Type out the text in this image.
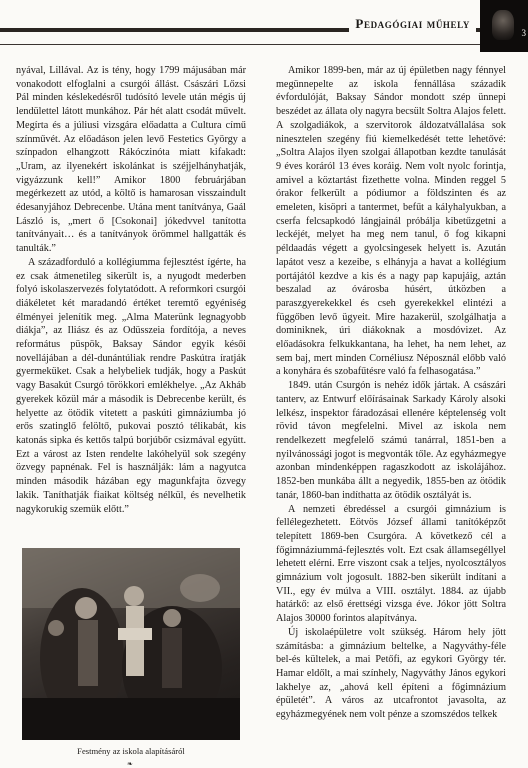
Pedagógiai műhely
3

nyával, Lillával. Az is tény, hogy 1799 májusában már vonakodott elfoglalni a csurgói állást. Császári Lőzsi Pál minden késlekedésről tudósító levele után mégis új lendülettel látott munkához. Pár hét alatt csodát művelt. Megírta és a júliusi vizsgára előadatta a Cultura című színművét. Az előadáson jelen levő Festetics György a színpadon elhangzott Rákóczinóta miatt kifakadt: „Uram, az ilyenekért iskolánkat is széjjelhányhatják, vigyázzunk kell!” Amikor 1800 februárjában megérkezett az utód, a költő is hamarosan visszaindult édesanyjához Debrecenbe. Utána ment tanítványa, Gaál László is, „mert ő [Csokonai] jókedvvel tanította tanítványait… és a tanítványok örömmel hallgatták és tanulták.”

A századforduló a kollégiumma fejlesztést ígérte, ha ez csak átmenetileg sikerült is, a nyugodt mederben folyó iskolaszervezés folytatódott. A reformkori csurgói diákéletet két maradandó értéket teremtő egyéniség élményei jelenítik meg. „Alma Materünk legnagyobb diákja”, az Iliász és az Odüsszeia fordítója, a neves református püspök, Baksay Sándor egyik késői novellájában a dél-dunántúliak rendre Paskútra íratják gyermeküket. Csak a helybeliek tudják, hogy a Paskút vagy Basakút Csurgó törökkori emlékhelye. „Az Akháb gyerekek közül már a második is Debrecenbe került, és helyette az ötödik vitetett a paskúti gimnáziumba jó erős szatinglő felöltő, pukovai posztó télikabát, kis katonás sipka és kettős talpú borjúbőr csizmával együtt. Ezt a várost az Isten rendelte lakóhelyül sok szegény özvegy papnénak. Fel is használják: lám a nagyutca minden második házában egy magunkfajta özvegy lakik. Taníthatják fiaikat költség nélkül, és nevelhetik nagykorukig szemük előtt.”

Festmény az iskola alapításáról
❧

Amikor 1899-ben, már az új épületben nagy fénnyel megünnepelte az iskola fennállása századik évfordulóját, Baksay Sándor mondott szép ünnepi beszédet az állata oly nagyra becsült Soltra Alajos felett. A szolgadiákok, a szervitorok áldozatvállalása sok ninesztelen szegény fiú kiemelkedését tette lehetővé: „Soltra Alajos ilyen szolgai állapotban kezdte tanulását 9 éves koráról 13 éves koráig. Nem volt nyolc forintja, amivel a köztartást fizethette volna. Minden reggel 5 órakor felkerült a pódiumor a földszinten és az emeleten, kisöpri a tantermet, befűt a kályhalyukban, a cserfa felcsapkodó lángjainál próbálja kibetűzgetni a leckéjét, melyet ha meg nem tanul, ő fog kikapni példaadás végett a gyolcsingesek helyett is. Azután lapátot vesz a kezeibe, s elhányja a havat a kollégium portájától kezdve a kis és a nagy pap kapujáig, aztán beszalad az óvárosba húsért, útközben a paraszgyerekekkel és cseh gyerekekkel elintézi a függőben levő ügyeit. Mire hazakerül, szolgálhatja a dominiknek, úri diákoknak a mosdóvizet. Az előadásokra felkukkantana, ha lehet, ha nem lehet, az sem baj, mert minden Cornéliusz Néposznál előbb való a konyhára és szobafűtésre való fa felhasogatása.”

1849. után Csurgón is nehéz idők jártak. A császári tanterv, az Entwurf előírásainak Sarkady Károly alsoki lelkész, inspektor fáradozásai ellenére képtelenség volt rövid távon megfelelni. Mivel az iskola nem rendelkezett megfelelő számú tanárral, 1851-ben a nyilvánossági jogot is megvonták tőle. Az egyházmegye azonban mindenképpen ragaszkodott az iskolájához. 1852-ben munkába állt a negyedik, 1855-ben az ötödik tanár, 1860-ban indíthatta az ötödik osztályát is.

A nemzeti ébredéssel a csurgói gimnázium is fellélegezhetett. Eötvös József állami tanítóképzőt telepített 1869-ben Csurgóra. A következő cél a főgimnáziummá-fejlesztés volt. Ezt csak államsegéllyel lehetett elérni. Erre viszont csak a teljes, nyolcosztályos gimnázium volt jogosult. 1882-ben sikerült indítani a VII., egy év múlva a VIII. osztályt. 1884. az újabb határkő: az első érettségi vizsga éve. Jókor jött Soltra Alajos 30000 forintos alapítványa.

Új iskolaépületre volt szükség. Három hely jött számításba: a gimnázium beltelke, a Nagyváthy-féle bel-és kültelek, a mai Petőfi, az egykori György tér. Hamar eldőlt, a mai színhely, Nagyváthy János egykori lakhelye az, „ahová kell építeni a főgimnázium épületét”. A város az utcafrontot javasolta, az egyházmegyének nem volt pénze a szomszédos telkek
